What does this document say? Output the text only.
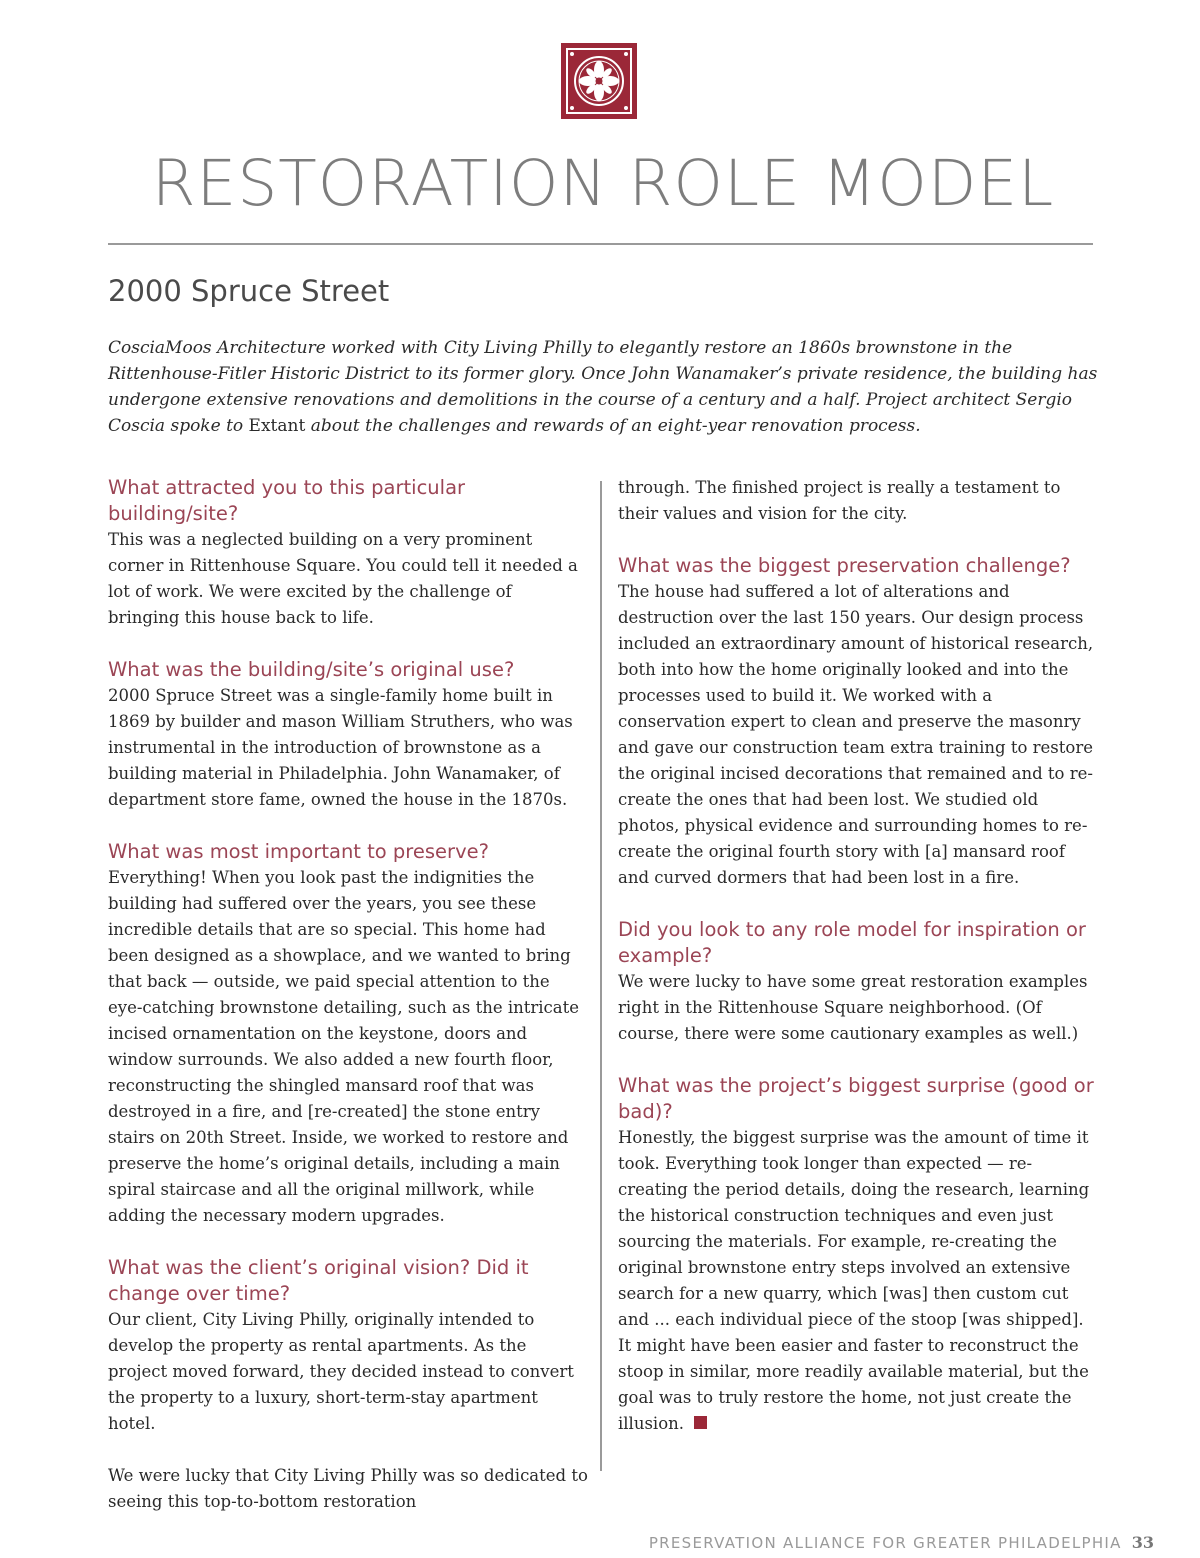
RESTORATION ROLE MODEL
2000 Spruce Street

CosciaMoos Architecture worked with City Living Philly to elegantly restore an 1860s brownstone in the Rittenhouse-Fitler Historic District to its former glory. Once John Wanamaker’s private residence, the building has undergone extensive renovations and demolitions in the course of a century and a half. Project architect Sergio Coscia spoke to Extant about the challenges and rewards of an eight-year renovation process.

What attracted you to this particular building/site?

This was a neglected building on a very prominent corner in Rittenhouse Square. You could tell it needed a lot of work. We were excited by the challenge of bringing this house back to life.

What was the building/site’s original use?

2000 Spruce Street was a single-family home built in 1869 by builder and mason William Struthers, who was instrumental in the introduction of brownstone as a building material in Philadelphia. John Wanamaker, of department store fame, owned the house in the 1870s.

What was most important to preserve?

Everything! When you look past the indignities the building had suffered over the years, you see these incredible details that are so special. This home had been designed as a showplace, and we wanted to bring that back — outside, we paid special attention to the eye-catching brownstone detailing, such as the intricate incised ornamentation on the keystone, doors and window surrounds. We also added a new fourth floor, reconstructing the shingled mansard roof that was destroyed in a fire, and [re-created] the stone entry stairs on 20th Street. Inside, we worked to restore and preserve the home’s original details, including a main spiral staircase and all the original millwork, while adding the necessary modern upgrades.

What was the client’s original vision? Did it change over time?

Our client, City Living Philly, originally intended to develop the property as rental apartments. As the project moved forward, they decided instead to convert the property to a luxury, short-term-stay apartment hotel.

We were lucky that City Living Philly was so dedicated to seeing this top-to-bottom restoration

through. The finished project is really a testament to their values and vision for the city.

What was the biggest preservation challenge?

The house had suffered a lot of alterations and destruction over the last 150 years. Our design process included an extraordinary amount of historical research, both into how the home originally looked and into the processes used to build it. We worked with a conservation expert to clean and preserve the masonry and gave our construction team extra training to restore the original incised decorations that remained and to re-create the ones that had been lost. We studied old photos, physical evidence and surrounding homes to re-create the original fourth story with [a] mansard roof and curved dormers that had been lost in a fire.

Did you look to any role model for inspiration or example?

We were lucky to have some great restoration examples right in the Rittenhouse Square neighborhood. (Of course, there were some cautionary examples as well.)

What was the project’s biggest surprise (good or bad)?

Honestly, the biggest surprise was the amount of time it took. Everything took longer than expected — re-creating the period details, doing the research, learning the historical construction techniques and even just sourcing the materials. For example, re-creating the original brownstone entry steps involved an extensive search for a new quarry, which [was] then custom cut and ... each individual piece of the stoop [was shipped]. It might have been easier and faster to reconstruct the stoop in similar, more readily available material, but the goal was to truly restore the home, not just create the illusion.

PRESERVATION ALLIANCE FOR GREATER PHILADELPHIA 33
